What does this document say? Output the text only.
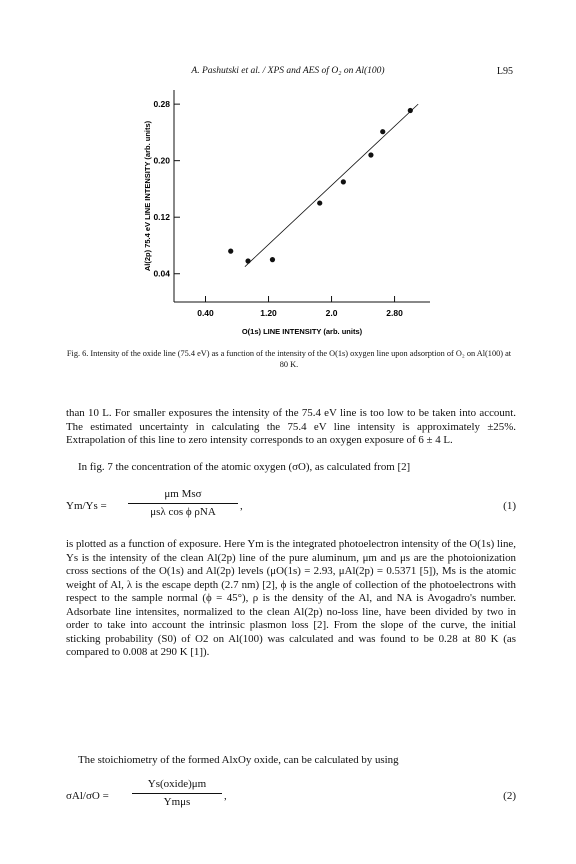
A. Pashutski et al. / XPS and AES of O₂ on Al(100)	L95
0.40	1.20	2.0	2.80
0.04
0.12
0.20
0.28
O(1s) LINE INTENSITY (arb. units)
Al(2p) 75.4 eV LINE INTENSITY (arb. units)
Fig. 6. Intensity of the oxide line (75.4 eV) as a function of the intensity of the O(1s) oxygen line upon adsorption of O₂ on Al(100) at 80 K.
than 10 L. For smaller exposures the intensity of the 75.4 eV line is too low to be taken into account. The estimated uncertainty in calculating the 75.4 eV line intensity is approximately ±25%. Extrapolation of this line to zero intensity corresponds to an oxygen exposure of 6 ± 4 L.
In fig. 7 the concentration of the atomic oxygen (σO), as calculated from [2]
Ym/Ys =
μm Msσ
μsλ cos ϕ ρNA	,	(1)
is plotted as a function of exposure. Here Ym is the integrated photoelectron intensity of the O(1s) line, Ys is the intensity of the clean Al(2p) line of the pure aluminum, μm and μs are the photoionization cross sections of the O(1s) and Al(2p) levels (μO(1s) = 2.93, μAl(2p) = 0.5371 [5]), Ms is the atomic weight of Al, λ is the escape depth (2.7 nm) [2], ϕ is the angle of collection of the photoelectrons with respect to the sample normal (ϕ = 45°), ρ is the density of the Al, and NA is Avogadro's number. Adsorbate line intensites, normalized to the clean Al(2p) no-loss line, have been divided by two in order to take into account the intrinsic plasmon loss [2]. From the slope of the curve, the initial sticking probability (S0) of O2 on Al(100) was calculated and was found to be 0.28 at 80 K (as compared to 0.008 at 290 K [1]).
The stoichiometry of the formed AlxOy oxide, can be calculated by using
σAl/σO =
Ys(oxide)μm
Ymμs	,	(2)
